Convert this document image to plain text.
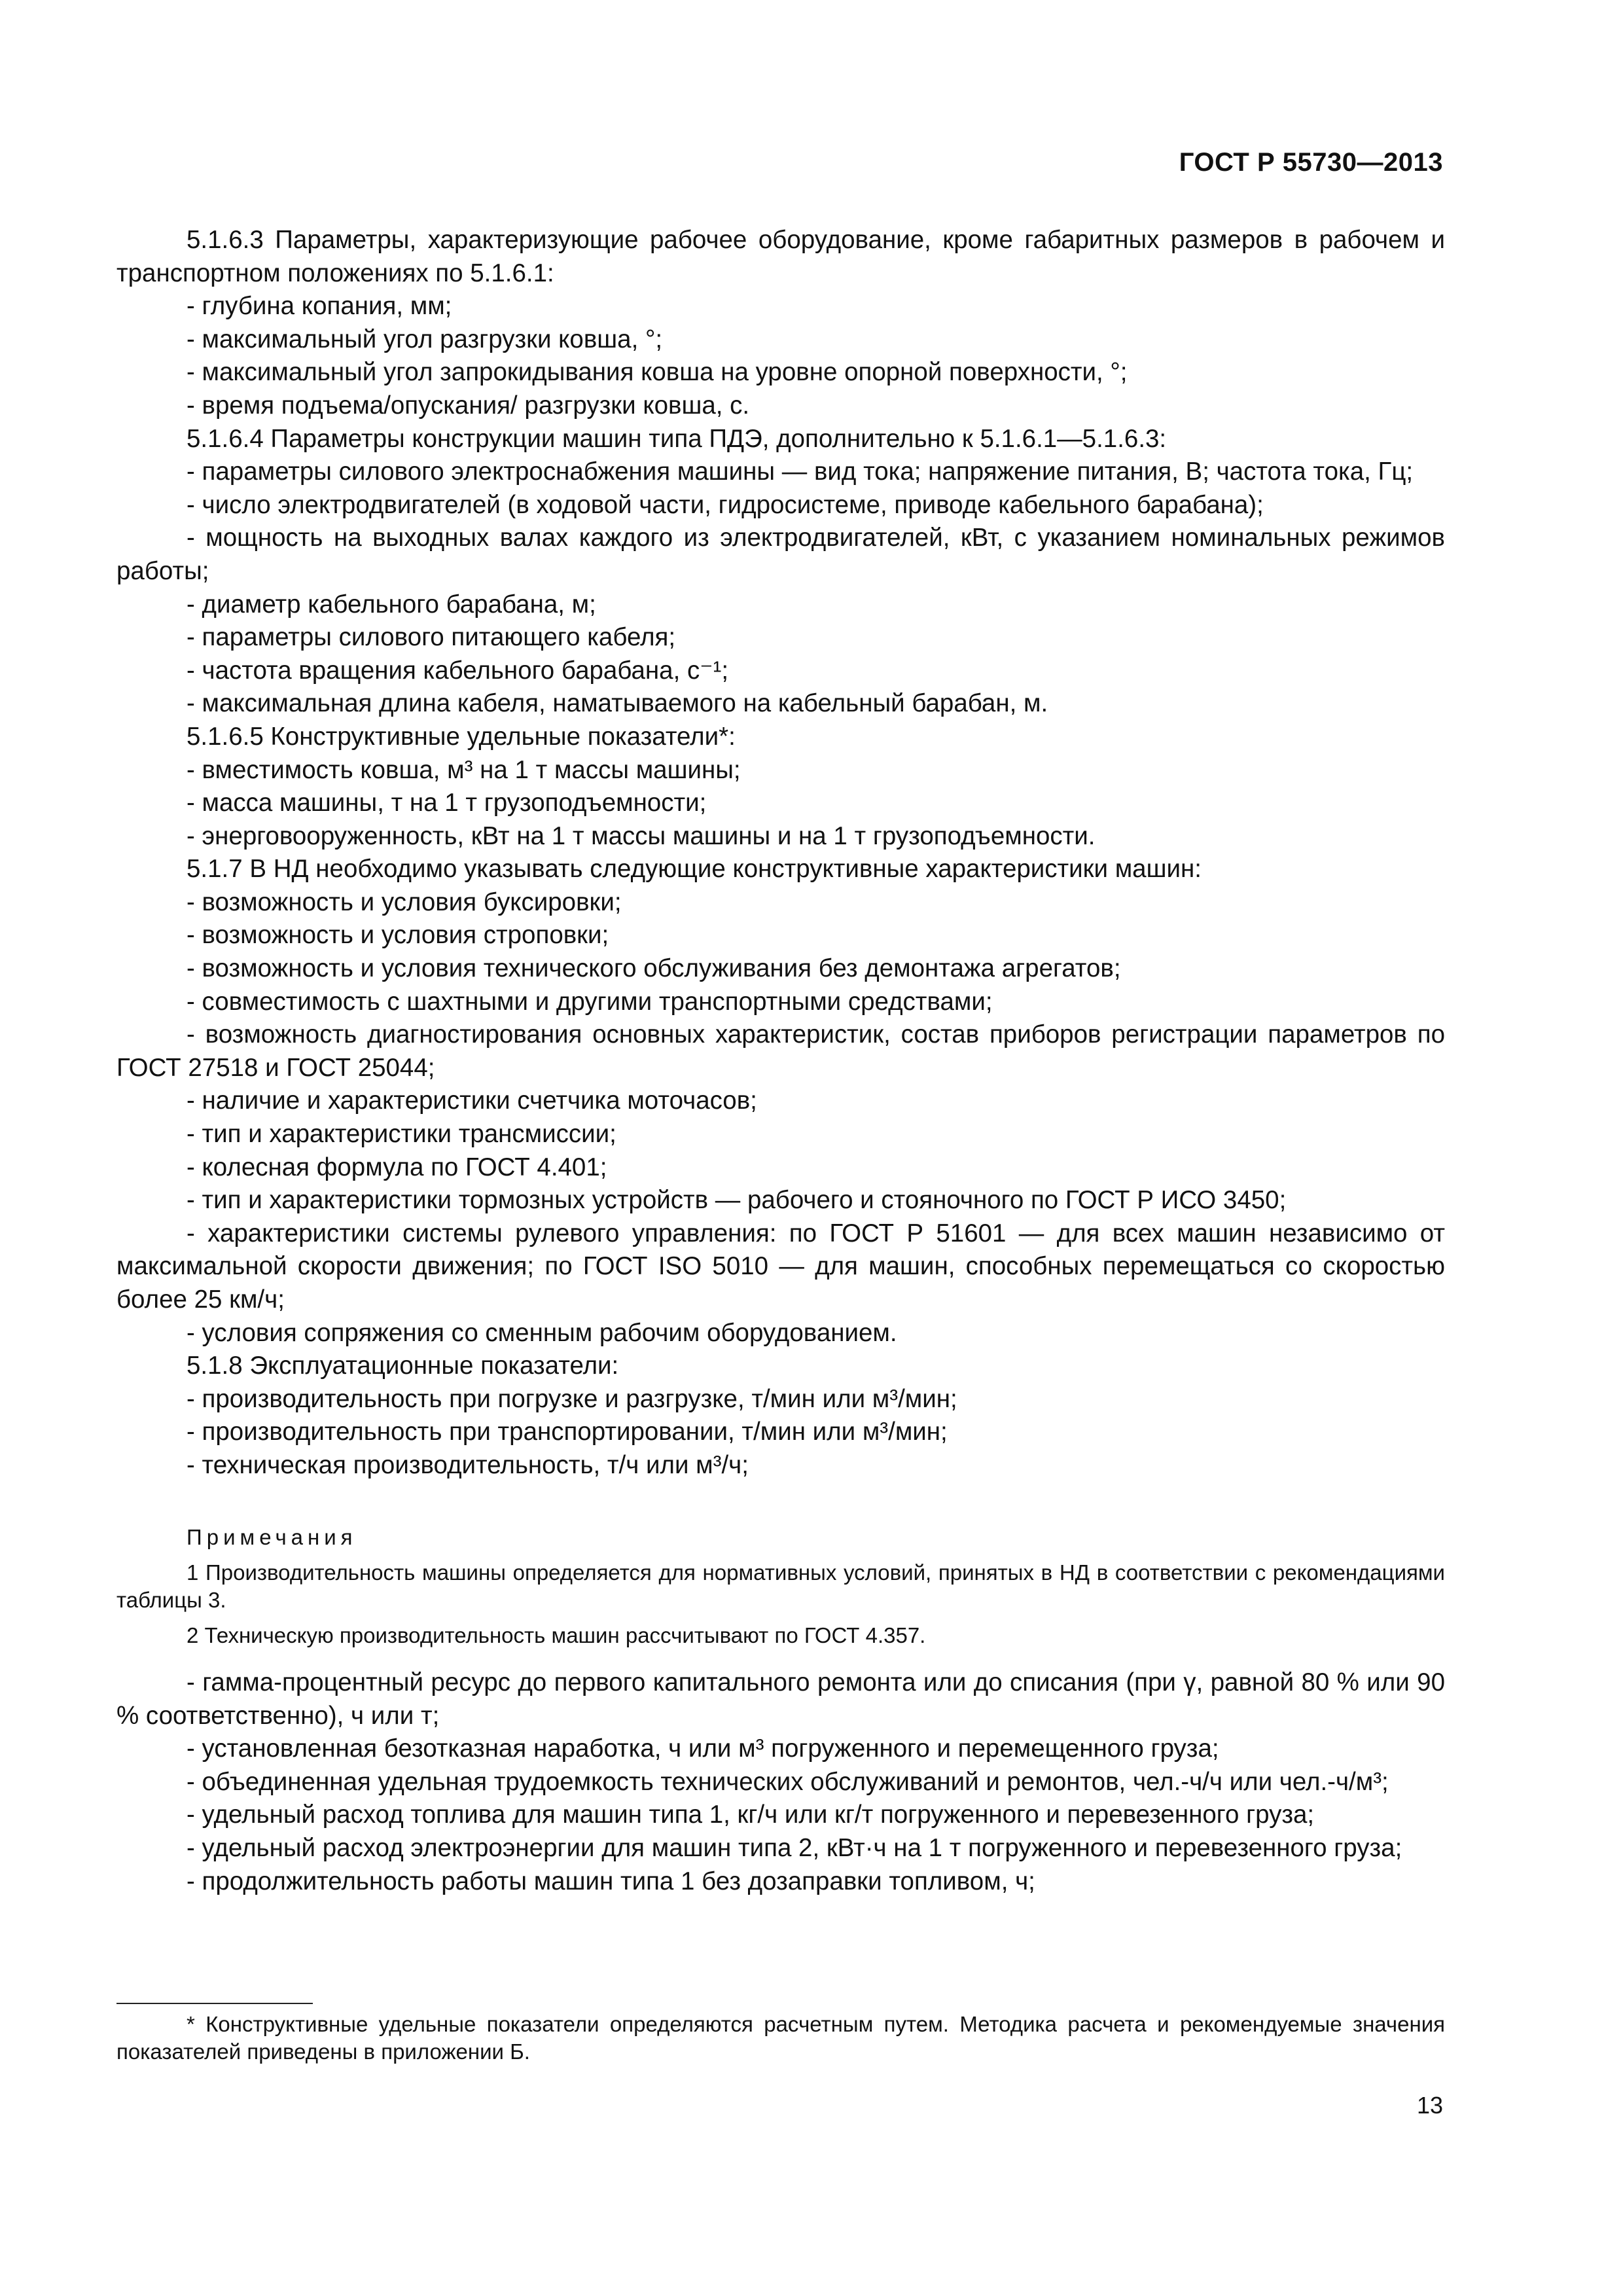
ГОСТ Р 55730—2013

5.1.6.3 Параметры, характеризующие рабочее оборудование, кроме габаритных размеров в рабочем и транспортном положениях по 5.1.6.1:

- глубина копания, мм;

- максимальный угол разгрузки ковша, °;

- максимальный угол запрокидывания ковша на уровне опорной поверхности, °;

- время подъема/опускания/ разгрузки ковша, с.

5.1.6.4 Параметры конструкции машин типа ПДЭ, дополнительно к 5.1.6.1—5.1.6.3:

- параметры силового электроснабжения машины — вид тока; напряжение питания, В; частота тока, Гц;

- число электродвигателей (в ходовой части, гидросистеме, приводе кабельного барабана);

- мощность на выходных валах каждого из электродвигателей, кВт, с указанием номинальных режимов работы;

- диаметр кабельного барабана, м;

- параметры силового питающего кабеля;

- частота вращения кабельного барабана, с⁻¹;

- максимальная длина кабеля, наматываемого на кабельный барабан, м.

5.1.6.5 Конструктивные удельные показатели*:

- вместимость ковша, м³ на 1 т массы машины;

- масса машины, т на 1 т грузоподъемности;

- энерговооруженность, кВт на 1 т массы машины и на 1 т грузоподъемности.

5.1.7 В НД необходимо указывать следующие конструктивные характеристики машин:

- возможность и условия буксировки;

- возможность и условия строповки;

- возможность и условия технического обслуживания без демонтажа агрегатов;

- совместимость с шахтными и другими транспортными средствами;

- возможность диагностирования основных характеристик, состав приборов регистрации параметров по ГОСТ 27518 и ГОСТ 25044;

- наличие и характеристики счетчика моточасов;

- тип и характеристики трансмиссии;

- колесная формула по ГОСТ 4.401;

- тип и характеристики тормозных устройств — рабочего и стояночного по ГОСТ Р ИСО 3450;

- характеристики системы рулевого управления: по ГОСТ Р 51601 — для всех машин независимо от максимальной скорости движения; по ГОСТ ISO 5010 — для машин, способных перемещаться со скоростью более 25 км/ч;

- условия сопряжения со сменным рабочим оборудованием.

5.1.8 Эксплуатационные показатели:

- производительность при погрузке и разгрузке, т/мин или м³/мин;

- производительность при транспортировании, т/мин или м³/мин;

- техническая производительность, т/ч или м³/ч;

Примечания

1 Производительность машины определяется для нормативных условий, принятых в НД в соответствии с рекомендациями таблицы 3.

2 Техническую производительность машин рассчитывают по ГОСТ 4.357.

- гамма-процентный ресурс до первого капитального ремонта или до списания (при γ, равной 80 % или 90 % соответственно), ч или т;

- установленная безотказная наработка, ч или м³ погруженного и перемещенного груза;

- объединенная удельная трудоемкость технических обслуживаний и ремонтов, чел.-ч/ч или чел.-ч/м³;

- удельный расход топлива для машин типа 1, кг/ч или кг/т погруженного и перевезенного груза;

- удельный расход электроэнергии для машин типа 2, кВт·ч на 1 т погруженного и перевезенного груза;

- продолжительность работы машин типа 1 без дозаправки топливом, ч;

* Конструктивные удельные показатели определяются расчетным путем. Методика расчета и рекомендуемые значения показателей приведены в приложении Б.

13
